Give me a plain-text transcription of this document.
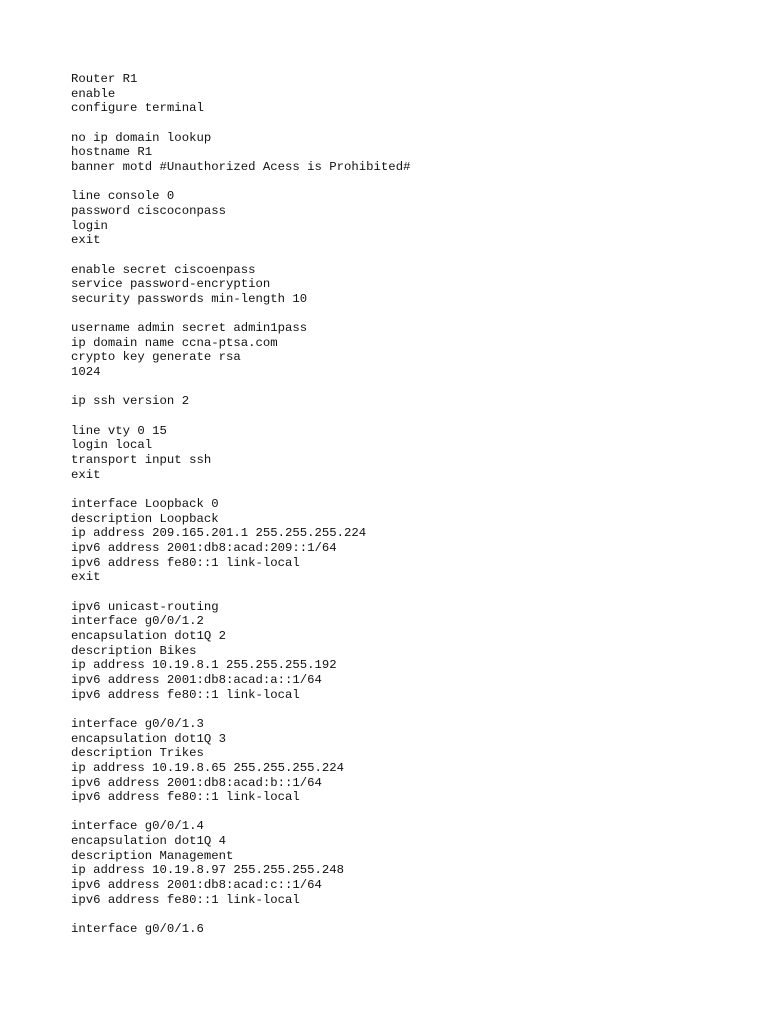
Router R1
enable
configure terminal
no ip domain lookup
hostname R1
banner motd #Unauthorized Acess is Prohibited#
line console 0
password ciscoconpass
login
exit
enable secret ciscoenpass
service password-encryption
security passwords min-length 10
username admin secret admin1pass
ip domain name ccna-ptsa.com
crypto key generate rsa
1024
ip ssh version 2
line vty 0 15
login local
transport input ssh
exit
interface Loopback 0
description Loopback
ip address 209.165.201.1 255.255.255.224
ipv6 address 2001:db8:acad:209::1/64
ipv6 address fe80::1 link-local
exit
ipv6 unicast-routing
interface g0/0/1.2
encapsulation dot1Q 2
description Bikes
ip address 10.19.8.1 255.255.255.192
ipv6 address 2001:db8:acad:a::1/64
ipv6 address fe80::1 link-local
interface g0/0/1.3
encapsulation dot1Q 3
description Trikes
ip address 10.19.8.65 255.255.255.224
ipv6 address 2001:db8:acad:b::1/64
ipv6 address fe80::1 link-local
interface g0/0/1.4
encapsulation dot1Q 4
description Management
ip address 10.19.8.97 255.255.255.248
ipv6 address 2001:db8:acad:c::1/64
ipv6 address fe80::1 link-local
interface g0/0/1.6
